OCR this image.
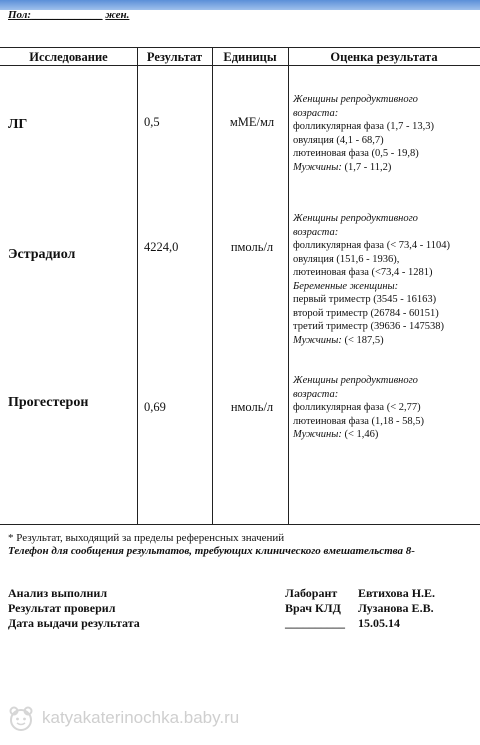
Пол:_____________ жен.
Исследование	Результат	Единицы	Оценка результата
ЛГ	0,5	мМЕ/мл
Женщины репродуктивного
возраста:
фолликулярная фаза (1,7 - 13,3)
овуляция (4,1 - 68,7)
лютеиновая фаза (0,5 - 19,8)
Мужчины: (1,7 - 11,2)
Эстрадиол	4224,0	пмоль/л
Женщины репродуктивного
возраста:
фолликулярная фаза (< 73,4 - 1104)
овуляция (151,6 - 1936),
лютеиновая фаза (<73,4 - 1281)
Беременные женщины:
первый триместр (3545 - 16163)
второй триместр (26784 - 60151)
третий триместр (39636 - 147538)
Мужчины: (< 187,5)
Прогестерон	0,69	нмоль/л
Женщины репродуктивного
возраста:
фолликулярная фаза (< 2,77)
лютеиновая фаза (1,18 - 58,5)
Мужчины: (< 1,46)
* Результат, выходящий за пределы референсных значений
Телефон для сообщения результатов, требующих клинического вмешательства 8-
Анализ выполнил	Лаборант Евтихова Н.Е.
Результат проверил	Врач КЛД Лузанова Е.В.
Дата выдачи результата	__________ 15.05.14
katyakaterinochka.baby.ru
